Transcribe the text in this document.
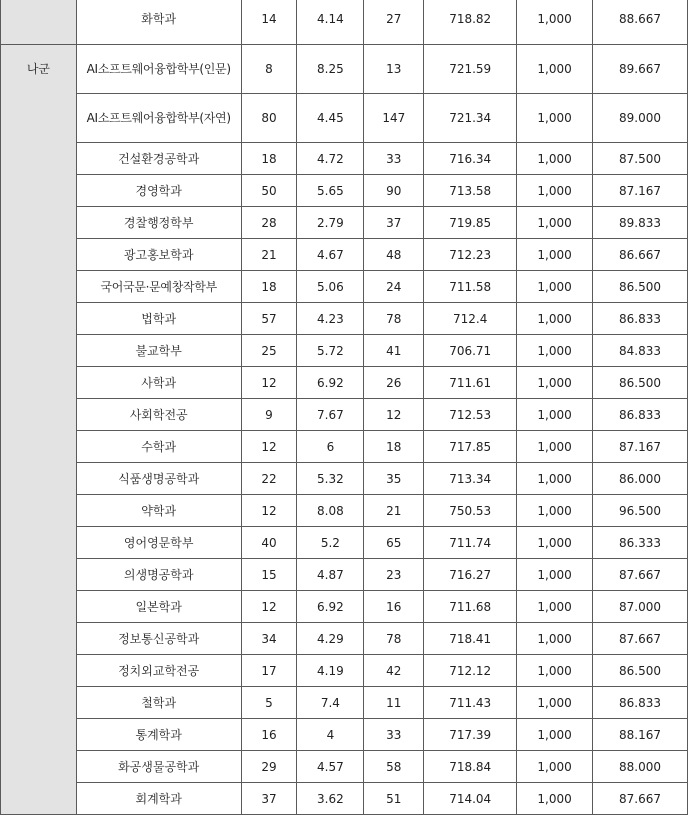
	화학과	14	4.14	27	718.82	1,000	88.667
나군	AI소프트웨어융합학부(인문)	8	8.25	13	721.59	1,000	89.667
	AI소프트웨어융합학부(자연)	80	4.45	147	721.34	1,000	89.000
	건설환경공학과	18	4.72	33	716.34	1,000	87.500
	경영학과	50	5.65	90	713.58	1,000	87.167
	경찰행정학부	28	2.79	37	719.85	1,000	89.833
	광고홍보학과	21	4.67	48	712.23	1,000	86.667
	국어국문·문예창작학부	18	5.06	24	711.58	1,000	86.500
	법학과	57	4.23	78	712.4	1,000	86.833
	불교학부	25	5.72	41	706.71	1,000	84.833
	사학과	12	6.92	26	711.61	1,000	86.500
	사회학전공	9	7.67	12	712.53	1,000	86.833
	수학과	12	6	18	717.85	1,000	87.167
	식품생명공학과	22	5.32	35	713.34	1,000	86.000
	약학과	12	8.08	21	750.53	1,000	96.500
	영어영문학부	40	5.2	65	711.74	1,000	86.333
	의생명공학과	15	4.87	23	716.27	1,000	87.667
	일본학과	12	6.92	16	711.68	1,000	87.000
	정보통신공학과	34	4.29	78	718.41	1,000	87.667
	정치외교학전공	17	4.19	42	712.12	1,000	86.500
	철학과	5	7.4	11	711.43	1,000	86.833
	통계학과	16	4	33	717.39	1,000	88.167
	화공생물공학과	29	4.57	58	718.84	1,000	88.000
	회계학과	37	3.62	51	714.04	1,000	87.667
